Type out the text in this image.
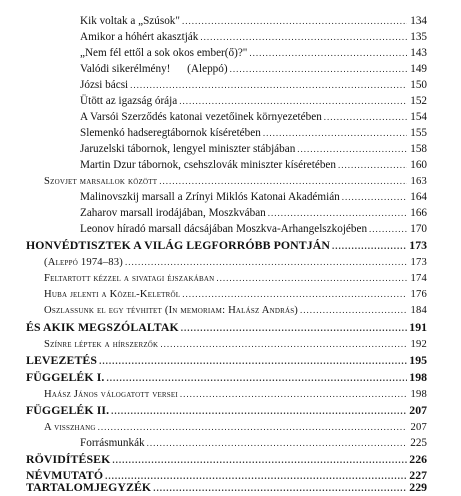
Kik voltak a „Szúsok" .....	134
Amikor a hóhért akasztják .....	135
„Nem fél ettől a sok okos ember(ő)?" .....	143
Valódi sikerélmény!      (Aleppó) .....	149
Józsi bácsi .....	150
Ütött az igazság órája .....	152
A Varsói Szerződés katonai vezetőinek környezetében .....	154
Slemenkó hadseregtábornok kíséretében .....	155
Jaruzelski tábornok, lengyel miniszter stábjában .....	158
Martin Dzur tábornok, csehszlovák miniszter kíséretében .....	160
Szovjet marsallok között .....	163
Malinovszkij marsall a Zrínyi Miklós Katonai Akadémián .....	164
Zaharov marsall irodájában, Moszkvában .....	166
Leonov híradó marsall dácsájában Moszkva-Arhangelszkojében .....	170
HONVÉDTISZTEK A VILÁG LEGFORRÓBB PONTJÁN .....	173
(Aleppó 1974–83) .....	173
Feltartott kézzel a sivatagi éjszakában .....	174
Huba jelenti a Közel-Keletről .....	176
Oszlassunk el egy tévhitet (In memoriam: Halász András) .....	184
ÉS AKIK MEGSZÓLALTAK .....	191
Színre léptek a hírszerzők .....	192
LEVEZETÉS .....	195
FÜGGELÉK I. .....	198
Haász János válogatott versei .....	198
FÜGGELÉK II. .....	207
A visszhang .....	207
Forrásmunkák .....	225
RÖVIDÍTÉSEK .....	226
NÉVMUTATÓ .....	227
TARTALOMJEGYZÉK .....	229
